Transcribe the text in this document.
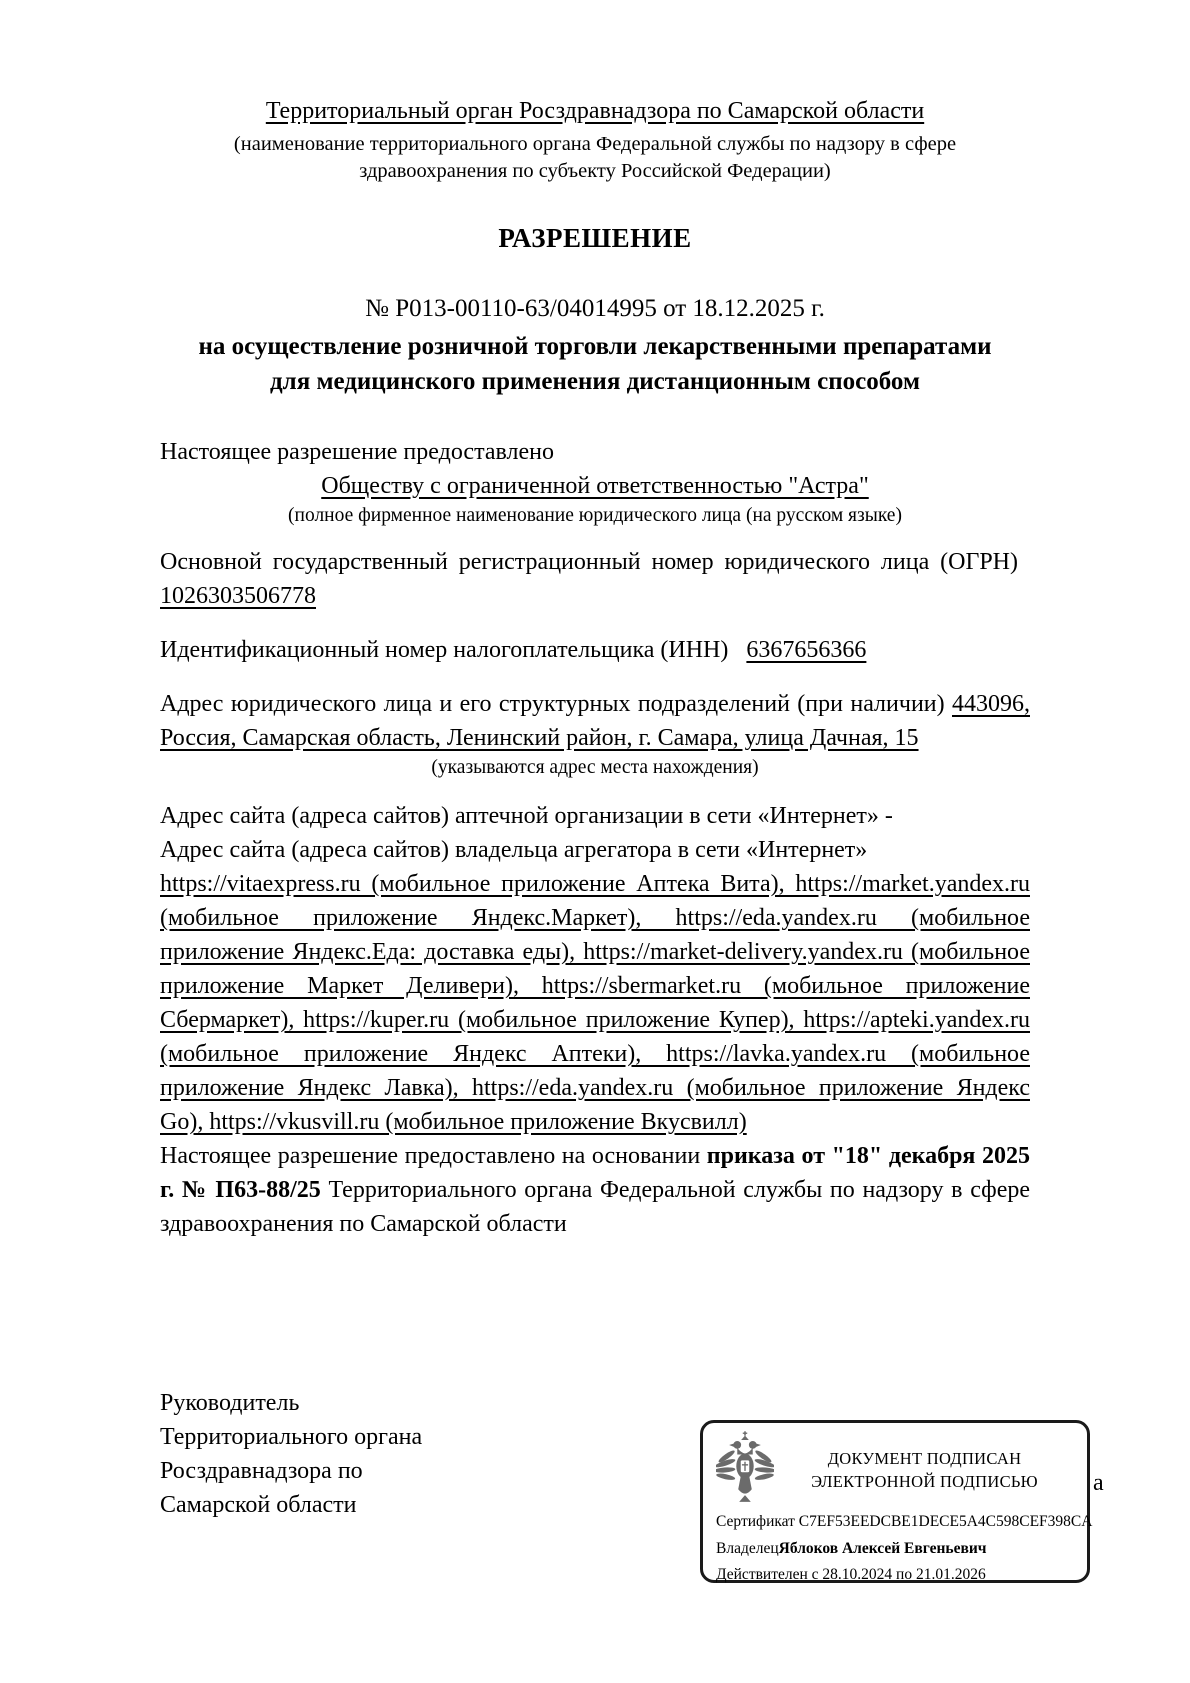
Территориальный орган Росздравнадзора по Самарской области
(наименование территориального органа Федеральной службы по надзору в сфере
здравоохранения по субъекту Российской Федерации)
РАЗРЕШЕНИЕ
№ Р013-00110-63/04014995 от 18.12.2025 г.
на осуществление розничной торговли лекарственными препаратами
для медицинского применения дистанционным способом
Настоящее разрешение предоставлено
Обществу с ограниченной ответственностью "Астра"
(полное фирменное наименование юридического лица (на русском языке)
Основной государственный регистрационный номер юридического лица (ОГРН) 1026303506778
Идентификационный номер налогоплательщика (ИНН) 6367656366
Адрес юридического лица и его структурных подразделений (при наличии) 443096, Россия, Самарская область, Ленинский район, г. Самара, улица Дачная, 15
(указываются адрес места нахождения)
Адрес сайта (адреса сайтов) аптечной организации в сети «Интернет» -
Адрес сайта (адреса сайтов) владельца агрегатора в сети «Интернет»
https://vitaexpress.ru (мобильное приложение Аптека Вита), https://market.yandex.ru (мобильное приложение Яндекс.Маркет), https://eda.yandex.ru (мобильное приложение Яндекс.Еда: доставка еды), https://market-delivery.yandex.ru (мобильное приложение Маркет Деливери), https://sbermarket.ru (мобильное приложение Сбермаркет), https://kuper.ru (мобильное приложение Купер), https://apteki.yandex.ru (мобильное приложение Яндекс Аптеки), https://lavka.yandex.ru (мобильное приложение Яндекс Лавка), https://eda.yandex.ru (мобильное приложение Яндекс Go), https://vkusvill.ru (мобильное приложение Вкусвилл)
Настоящее разрешение предоставлено на основании приказа от "18" декабря 2025 г. № П63-88/25 Территориального органа Федеральной службы по надзору в сфере здравоохранения по Самарской области
Руководитель
Территориального органа
Росздравнадзора по
Самарской области
а
ДОКУМЕНТ ПОДПИСАН
ЭЛЕКТРОННОЙ ПОДПИСЬЮ
Сертификат C7EF53EEDCBE1DECE5A4C598CEF398CA
ВладелецЯблоков Алексей Евгеньевич
Действителен с 28.10.2024 по 21.01.2026
